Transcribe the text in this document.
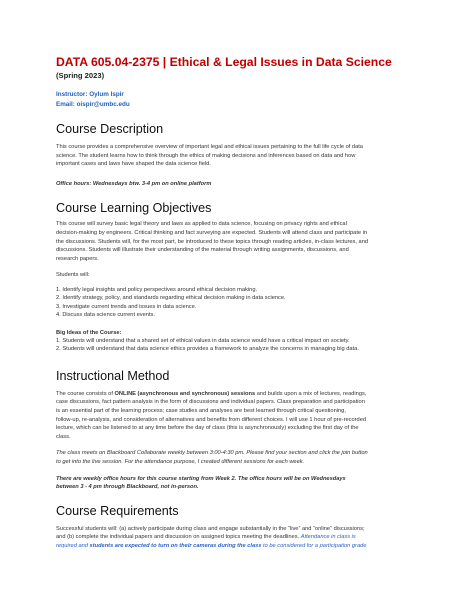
DATA 605.04-2375 | Ethical & Legal Issues in Data Science
(Spring 2023)
Instructor: Oylum Ispir
Email: oispir@umbc.edu
Course Description

This course provides a comprehensive overview of important legal and ethical issues pertaining to the full life cycle of data

science. The student learns how to think through the ethics of making decisions and inferences based on data and how

important cases and laws have shaped the data science field.

Office hours: Wednesdays btw. 3-4 pm on online platform

Course Learning Objectives

This course will survey basic legal theory and laws as applied to data science, focusing on privacy rights and ethical

decision-making by engineers. Critical thinking and fact surveying are expected. Students will attend class and participate in

the discussions. Students will, for the most part, be introduced to these topics through reading articles, in-class lectures, and

discussions. Students will illustrate their understanding of the material through writing assignments, discussions, and

research papers.

Students will:

1. Identify legal insights and policy perspectives around ethical decision making.

2. Identify strategy, policy, and standards regarding ethical decision making in data science.

3. Investigate current trends and issues in data science.

4. Discuss data science current events.

Big Ideas of the Course:

1. Students will understand that a shared set of ethical values in data science would have a critical impact on society.

2. Students will understand that data science ethics provides a framework to analyze the concerns in managing big data.

Instructional Method

The course consists of ONLINE (asynchronous and synchronous) sessions and builds upon a mix of lectures, readings,

case discussions, fact pattern analysis in the form of discussions and individual papers. Class preparation and participation

is an essential part of the learning process; case studies and analyses are best learned through critical questioning,

follow-up, re-analysis, and consideration of alternatives and benefits from different choices. I will use 1 hour of pre-recorded

lecture, which can be listened to at any time before the day of class (this is asynchronously) excluding the first day of the

class.

The class meets on Blackboard Collaborate weekly between 3:00-4:30 pm. Please find your section and click the join button

to get into the live session. For the attendance purpose, I created different sessions for each week.

There are weekly office hours for this course starting from Week 2. The office hours will be on Wednesdays

between 3 - 4 pm through Blackboard, not in-person.

Course Requirements

Successful students will: (a) actively participate during class and engage substantially in the “live” and “online” discussions;

and (b) complete the individual papers and discussion on assigned topics meeting the deadlines. Attendance in class is

required and students are expected to turn on their cameras during the class to be considered for a participation grade
